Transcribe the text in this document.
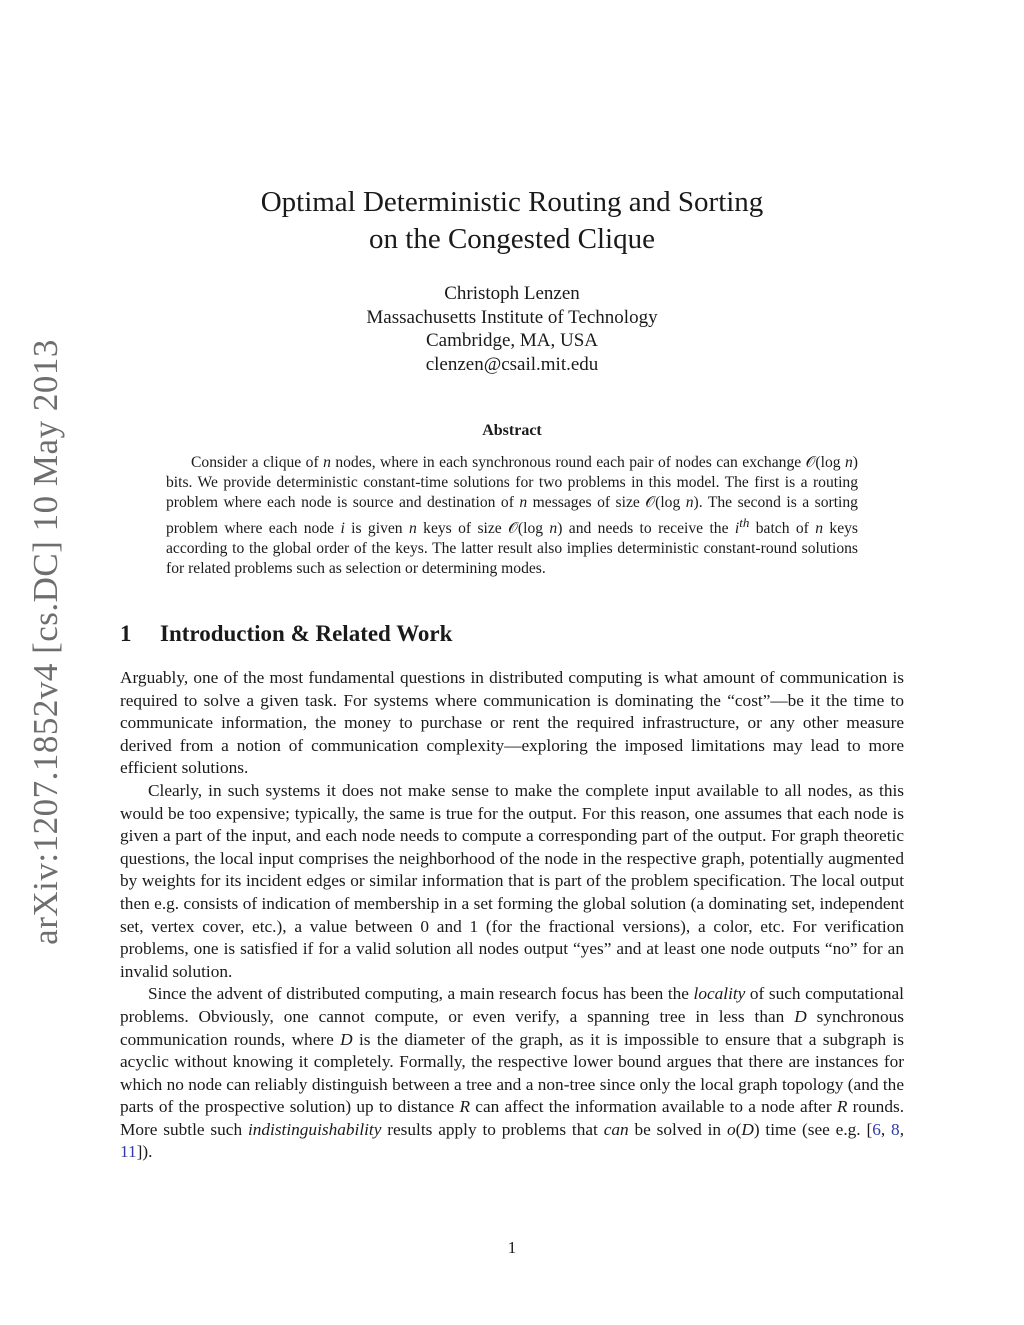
arXiv:1207.1852v4 [cs.DC] 10 May 2013
Optimal Deterministic Routing and Sorting
on the Congested Clique
Christoph Lenzen
Massachusetts Institute of Technology
Cambridge, MA, USA
clenzen@csail.mit.edu
Abstract

Consider a clique of n nodes, where in each synchronous round each pair of nodes can exchange 𝒪(log n) bits. We provide deterministic constant-time solutions for two problems in this model. The first is a routing problem where each node is source and destination of n messages of size 𝒪(log n). The second is a sorting problem where each node i is given n keys of size 𝒪(log n) and needs to receive the $i^{th}$ batch of n keys according to the global order of the keys. The latter result also implies deterministic constant-round solutions for related problems such as selection or determining modes.

1 Introduction & Related Work

Arguably, one of the most fundamental questions in distributed computing is what amount of communication is required to solve a given task. For systems where communication is dominating the “cost”—be it the time to communicate information, the money to purchase or rent the required infrastructure, or any other measure derived from a notion of communication complexity—exploring the imposed limitations may lead to more efficient solutions.

Clearly, in such systems it does not make sense to make the complete input available to all nodes, as this would be too expensive; typically, the same is true for the output. For this reason, one assumes that each node is given a part of the input, and each node needs to compute a corresponding part of the output. For graph theoretic questions, the local input comprises the neighborhood of the node in the respective graph, potentially augmented by weights for its incident edges or similar information that is part of the problem specification. The local output then e.g. consists of indication of membership in a set forming the global solution (a dominating set, independent set, vertex cover, etc.), a value between 0 and 1 (for the fractional versions), a color, etc. For verification problems, one is satisfied if for a valid solution all nodes output “yes” and at least one node outputs “no” for an invalid solution.

Since the advent of distributed computing, a main research focus has been the locality of such computational problems. Obviously, one cannot compute, or even verify, a spanning tree in less than D synchronous communication rounds, where D is the diameter of the graph, as it is impossible to ensure that a subgraph is acyclic without knowing it completely. Formally, the respective lower bound argues that there are instances for which no node can reliably distinguish between a tree and a non-tree since only the local graph topology (and the parts of the prospective solution) up to distance R can affect the information available to a node after R rounds. More subtle such indistinguishability results apply to problems that can be solved in o(D) time (see e.g. [6, 8, 11]).

1
